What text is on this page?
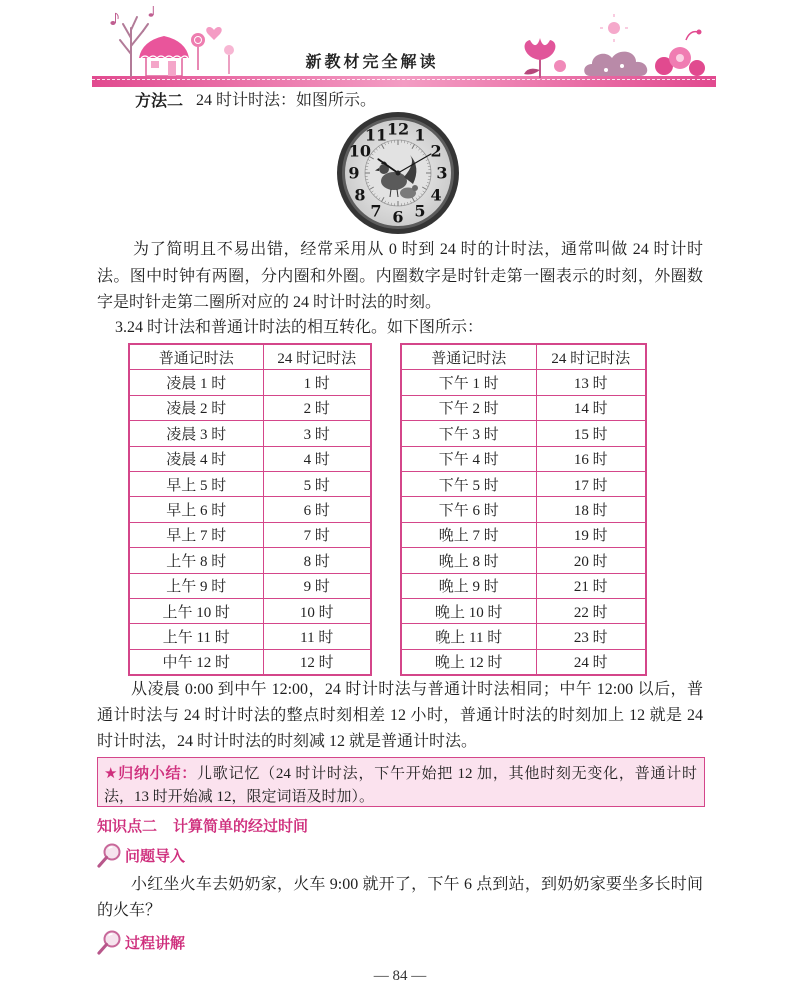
新教材完全解读
方法二 24 时计时法：如图所示。
12 1
2
3
4
5
6
7
8
9
10
11
为了简明且不易出错，经常采用从 0 时到 24 时的计时法，通常叫做 24 时计时
法。图中时钟有两圈，分内圈和外圈。内圈数字是时针走第一圈表示的时刻，外圈数
字是时针走第二圈所对应的 24 时计时法的时刻。
3.24 时计法和普通计时法的相互转化。如下图所示：
普通记时法	24 时记时法
凌晨 1 时	1 时
凌晨 2 时	2 时
凌晨 3 时	3 时
凌晨 4 时	4 时
早上 5 时	5 时
早上 6 时	6 时
早上 7 时	7 时
上午 8 时	8 时
上午 9 时	9 时
上午 10 时	10 时
上午 11 时	11 时
中午 12 时	12 时
普通记时法	24 时记时法
下午 1 时	13 时
下午 2 时	14 时
下午 3 时	15 时
下午 4 时	16 时
下午 5 时	17 时
下午 6 时	18 时
晚上 7 时	19 时
晚上 8 时	20 时
晚上 9 时	21 时
晚上 10 时	22 时
晚上 11 时	23 时
晚上 12 时	24 时
从凌晨 0:00 到中午 12:00，24 时计时法与普通计时法相同；中午 12:00 以后，普
通计时法与 24 时计时法的整点时刻相差 12 小时，普通计时法的时刻加上 12 就是 24
时计时法，24 时计时法的时刻减 12 就是普通计时法。
★归纳小结：儿歌记忆（24 时计时法，下午开始把 12 加，其他时刻无变化，普通计时
法，13 时开始减 12，限定词语及时加）。
知识点二 计算简单的经过时间
问题导入
小红坐火车去奶奶家，火车 9:00 就开了，下午 6 点到站，到奶奶家要坐多长时间
的火车？
过程讲解
— 84 —
